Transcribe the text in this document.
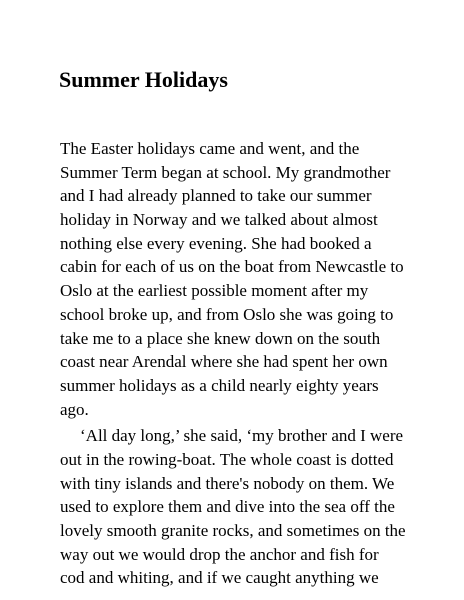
Summer Holidays
The Easter holidays came and went, and the
Summer Term began at school. My grandmother
and I had already planned to take our summer
holiday in Norway and we talked about almost
nothing else every evening. She had booked a
cabin for each of us on the boat from Newcastle to
Oslo at the earliest possible moment after my
school broke up, and from Oslo she was going to
take me to a place she knew down on the south
coast near Arendal where she had spent her own
summer holidays as a child nearly eighty years
ago.
‘All day long,’ she said, ‘my brother and I were
out in the rowing-boat. The whole coast is dotted
with tiny islands and there's nobody on them. We
used to explore them and dive into the sea off the
lovely smooth granite rocks, and sometimes on the
way out we would drop the anchor and fish for
cod and whiting, and if we caught anything we
